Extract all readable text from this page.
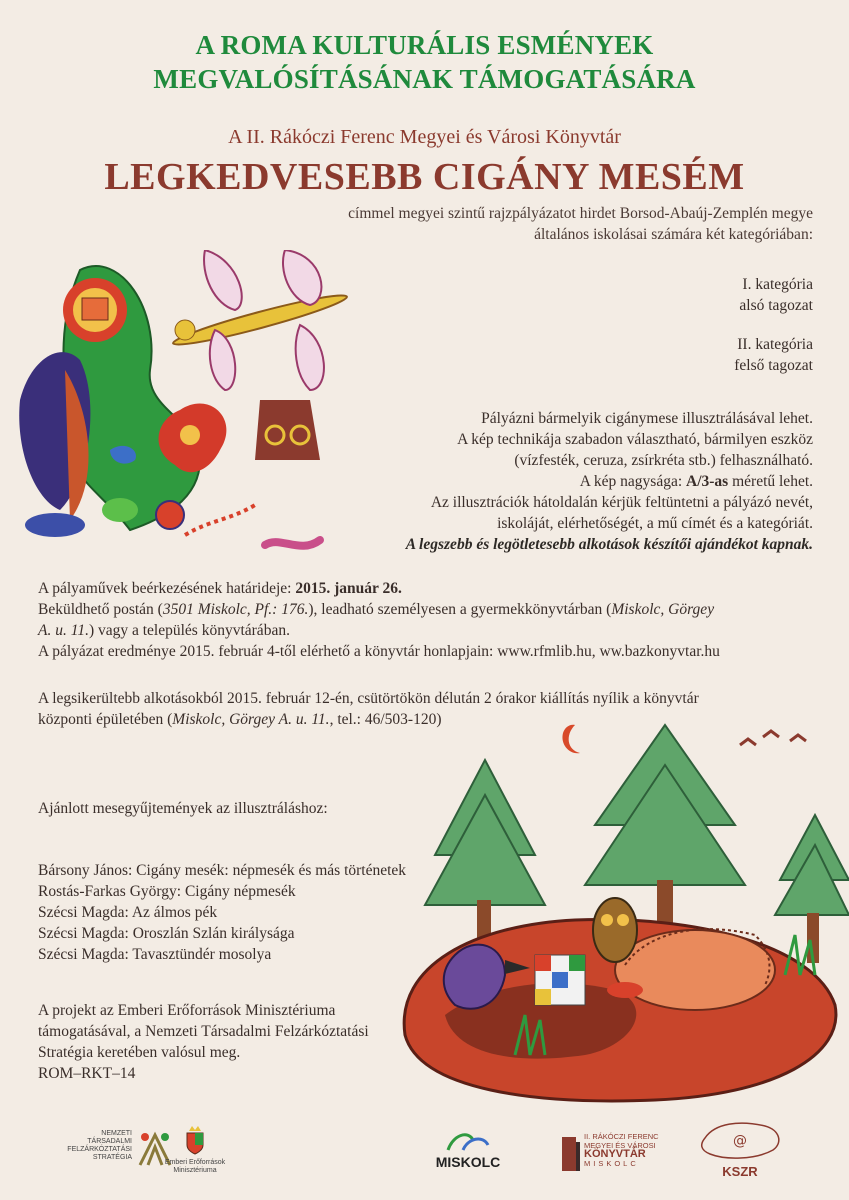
A ROMA KULTURÁLIS ESMÉNYEK
MEGVALÓSÍTÁSÁNAK TÁMOGATÁSÁRA
A II. Rákóczi Ferenc Megyei és Városi Könyvtár
LEGKEDVESEBB CIGÁNY MESÉM
címmel megyei szintű rajzpályázatot hirdet Borsod-Abaúj-Zemplén megye
általános iskolásai számára két kategóriában:
I. kategória
alsó tagozat
II. kategória
felső tagozat
Pályázni bármelyik cigánymese illusztrálásával lehet.
A kép technikája szabadon választható, bármilyen eszköz
(vízfesték, ceruza, zsírkréta stb.) felhasználható.
A kép nagysága: A/3-as méretű lehet.
Az illusztrációk hátoldalán kérjük feltüntetni a pályázó nevét,
iskoláját, elérhetőségét, a mű címét és a kategóriát.
A legszebb és legötletesebb alkotások készítői ajándékot kapnak.
A pályaművek beérkezésének határideje: 2015. január 26.
Beküldhető postán (3501 Miskolc, Pf.: 176.), leadható személyesen a gyermekkönyvtárban (Miskolc, Görgey
A. u. 11.) vagy a település könyvtárában.
A pályázat eredménye 2015. február 4-től elérhető a könyvtár honlapjain: www.rfmlib.hu, ww.bazkonyvtar.hu
A legsikerültebb alkotásokból 2015. február 12-én, csütörtökön délután 2 órakor kiállítás nyílik a könyvtár
központi épületében (Miskolc, Görgey A. u. 11., tel.: 46/503-120)
Ajánlott mesegyűjtemények az illusztráláshoz:
Bársony János: Cigány mesék: népmesék és más történetek
Rostás-Farkas György: Cigány népmesék
Szécsi Magda: Az álmos pék
Szécsi Magda: Oroszlán Szlán királysága
Szécsi Magda: Tavasztündér mosolya
A projekt az Emberi Erőforrások Minisztériuma
támogatásával, a Nemzeti Társadalmi Felzárkóztatási
Stratégia keretében valósul meg.
ROM–RKT–14
NEMZETI
TÁRSADALMI
FELZÁRKÓZTATÁSI
STRATÉGIA
Emberi Erőforrások
Minisztériuma
MISKOLC
II. RÁKÓCZI FERENC
MEGYEI ÉS VÁROSI
KÖNYVTÁR
MISKOLC
@
KSZR
